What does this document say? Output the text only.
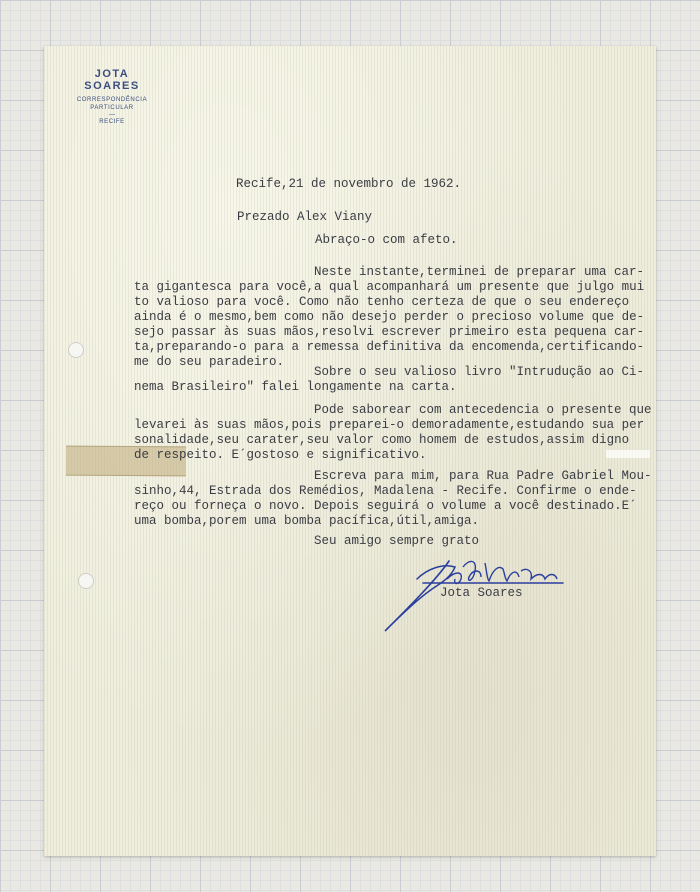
JOTA SOARES
CORRESPONDÊNCIA
PARTICULAR
—
RECIFE

Recife,21 de novembro de 1962.

Prezado Alex Viany

Abraço-o com afeto.

Neste instante,terminei de preparar uma car-

ta gigantesca para você,a qual acompanhará um presente que julgo mui

to valioso para você. Como não tenho certeza de que o seu endereço

ainda é o mesmo,bem como não desejo perder o precioso volume que de-

sejo passar às suas mãos,resolvi escrever primeiro esta pequena car-

ta,preparando-o para a remessa definitiva da encomenda,certificando-

me do seu paradeiro.

Sobre o seu valioso livro "Intrudução ao Ci-

nema Brasileiro" falei longamente na carta.

Pode saborear com antecedencia o presente que

levarei às suas mãos,pois preparei-o demoradamente,estudando sua per

sonalidade,seu carater,seu valor como homem de estudos,assim digno

de respeito. E´gostoso e significativo.

Escreva para mim, para Rua Padre Gabriel Mou-

sinho,44, Estrada dos Remédios, Madalena - Recife. Confirme o ende-

reço ou forneça o novo. Depois seguirá o volume a você destinado.E´

uma bomba,porem uma bomba pacífica,útil,amiga.

Seu amigo sempre grato

Jota Soares
